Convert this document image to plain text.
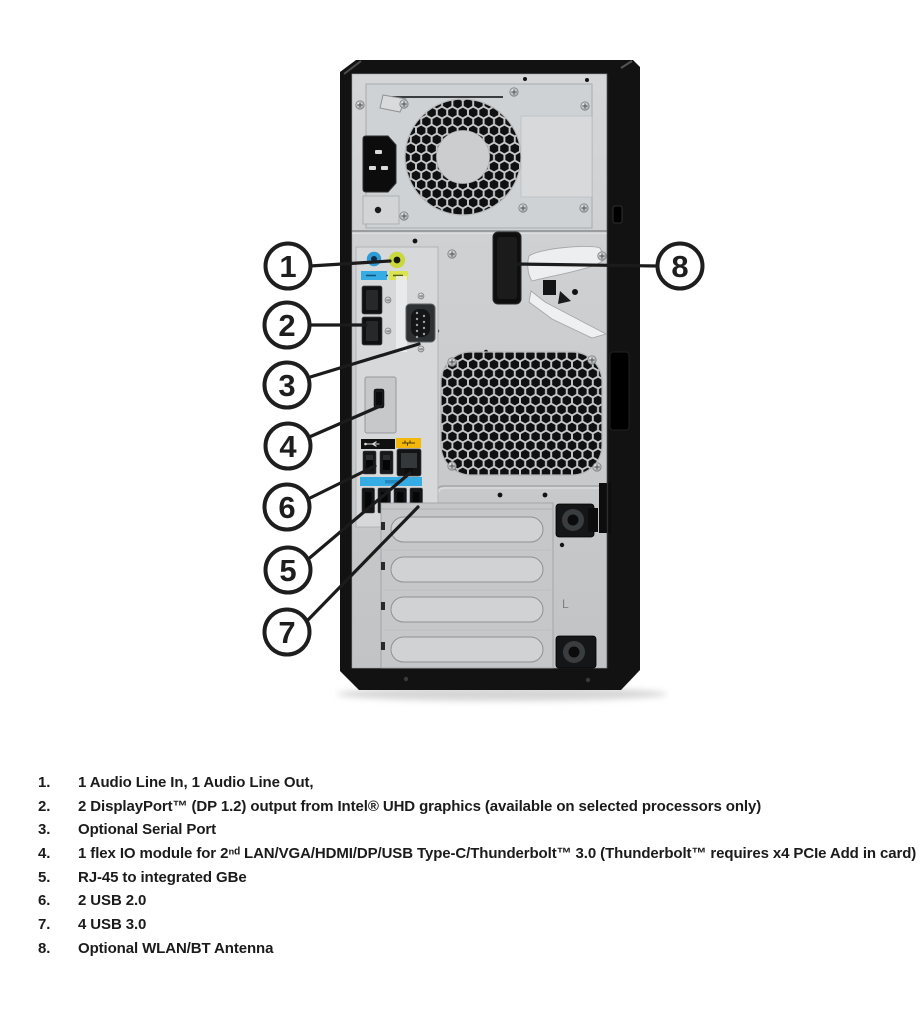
L
1
2
3
4
6
5
7
8
1.	1 Audio Line In, 1 Audio Line Out,
2.	2 DisplayPort™ (DP 1.2) output from Intel® UHD graphics (available on selected processors only)
3.	Optional Serial Port
4.	1 flex IO module for 2ⁿᵈ LAN/VGA/HDMI/DP/USB Type-C/Thunderbolt™ 3.0 (Thunderbolt™ requires x4 PCIe Add in card)
5.	RJ-45 to integrated GBe
6.	2 USB 2.0
7.	4 USB 3.0
8.	Optional WLAN/BT Antenna
